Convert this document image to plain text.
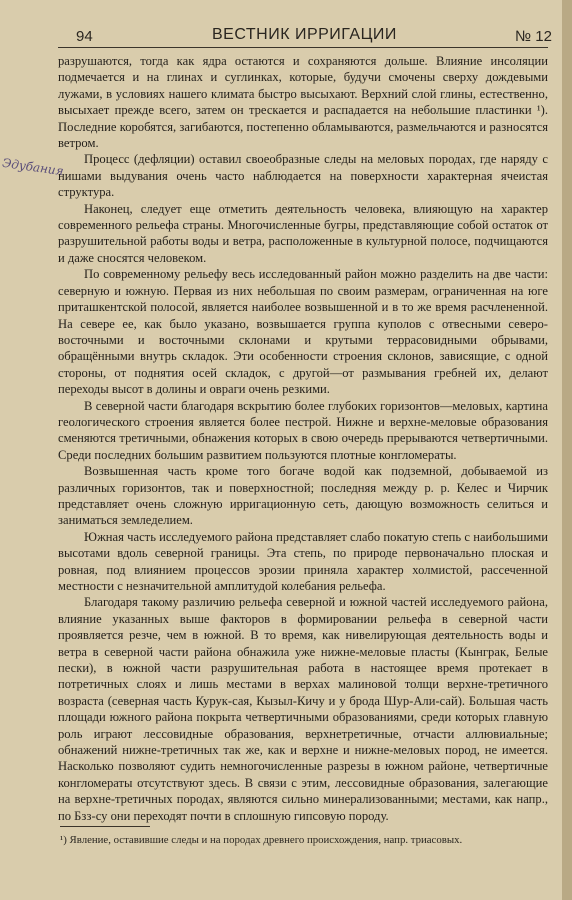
94	ВЕСТНИК ИРРИГАЦИИ	№ 12
Эдубания

разрушаются, тогда как ядра остаются и сохраняются дольше. Влияние инсоляции подмечается и на глинах и суглинках, которые, будучи смочены сверху дождевыми лужами, в условиях нашего климата быстро высыхают. Верхний слой глины, естественно, высыхает прежде всего, затем он трескается и распадается на небольшие пластинки ¹). Последние коробятся, загибаются, постепенно обламываются, размельчаются и разносятся ветром.

Процесс (дефляции) оставил своеобразные следы на меловых породах, где наряду с нишами выдувания очень часто наблюдается на поверхности характерная ячеистая структура.

Наконец, следует еще отметить деятельность человека, влияющую на характер современного рельефа страны. Многочисленные бугры, представляющие собой остаток от разрушительной работы воды и ветра, расположенные в культурной полосе, подчищаются и даже сносятся человеком.

По современному рельефу весь исследованный район можно разделить на две части: северную и южную. Первая из них небольшая по своим размерам, ограниченная на юге приташкентской полосой, является наиболее возвышенной и в то же время расчлененной. На севере ее, как было указано, возвышается группа куполов с отвесными северо-восточными и восточными склонами и крутыми террасовидными обрывами, обращёнными внутрь складок. Эти особенности строения склонов, зависящие, с одной стороны, от поднятия осей складок, с другой—от размывания гребней их, делают переходы высот в долины и овраги очень резкими.

В северной части благодаря вскрытию более глубоких горизонтов—меловых, картина геологического строения является более пестрой. Нижне и верхне-меловые образования сменяются третичными, обнажения которых в свою очередь прерываются четвертичными. Среди последних большим развитием пользуются плотные конгломераты.

Возвышенная часть кроме того богаче водой как подземной, добываемой из различных горизонтов, так и поверхностной; последняя между р. р. Келес и Чирчик представляет очень сложную ирригационную сеть, дающую возможность селиться и заниматься земледелием.

Южная часть исследуемого района представляет слабо покатую степь с наибольшими высотами вдоль северной границы. Эта степь, по природе первоначально плоская и ровная, под влиянием процессов эрозии приняла характер холмистой, рассеченной местности с незначительной амплитудой колебания рельефа.

Благодаря такому различию рельефа северной и южной частей исследуемого района, влияние указанных выше факторов в формировании рельефа в северной части проявляется резче, чем в южной. В то время, как нивелирующая деятельность воды и ветра в северной части района обнажила уже нижне-меловые пласты (Кынграк, Белые пески), в южной части разрушительная работа в настоящее время протекает в потретичных слоях и лишь местами в верхах малиновой толщи верхне-третичного возраста (северная часть Курук-сая, Кызыл-Кичу и у брода Шур-Али-сай). Большая часть площади южного района покрыта четвертичными образованиями, среди которых главную роль играют лессовидные образования, верхнетретичные, отчасти аллювиальные; обнажений нижне-третичных так же, как и верхне и нижне-меловых пород, не имеется. Насколько позволяют судить немногочисленные разрезы в южном районе, четвертичные конгломераты отсутствуют здесь. В связи с этим, лессовидные образования, залегающие на верхне-третичных породах, являются сильно минерализованными; местами, как напр., по Бзз-су они переходят почти в сплошную гипсовую породу.

¹) Явление, оставившие следы и на породах древнего происхождения, напр. триасовых.
